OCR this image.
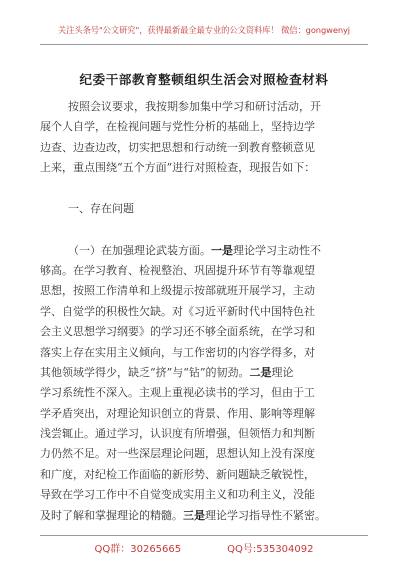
关注头条号"公文研究"，获得最新最全最专业的公文资料库！ 微信：gongwenyj
纪委干部教育整顿组织生活会对照检查材料
按照会议要求，我按期参加集中学习和研讨活动，开
展个人自学，在检视问题与党性分析的基础上，坚持边学
边查、边查边改，切实把思想和行动统一到教育整顿意见
上来，重点围绕“五个方面”进行对照检查，现报告如下：
一、存在问题
（一）在加强理论武装方面。一是理论学习主动性不
够高。在学习教育、检视整治、巩固提升环节有等靠观望
思想，按照工作清单和上级提示按部就班开展学习，主动
学、自觉学的积极性欠缺。对《习近平新时代中国特色社
会主义思想学习纲要》的学习还不够全面系统，在学习和
落实上存在实用主义倾向，与工作密切的内容学得多，对
其他领域学得少，缺乏“挤”与“钻”的韧劲。二是理论
学习系统性不深入。主观上重视必读书的学习，但由于工
学矛盾突出，对理论知识创立的背景、作用、影响等理解
浅尝辄止。通过学习，认识度有所增强，但领悟力和判断
力仍然不足。对一些深层理论问题，思想认知上没有深度
和广度，对纪检工作面临的新形势、新问题缺乏敏锐性，
导致在学习工作中不自觉变成实用主义和功利主义，没能
及时了解和掌握理论的精髓。三是理论学习指导性不紧密。
QQ群：30265665	QQ号:535304092
